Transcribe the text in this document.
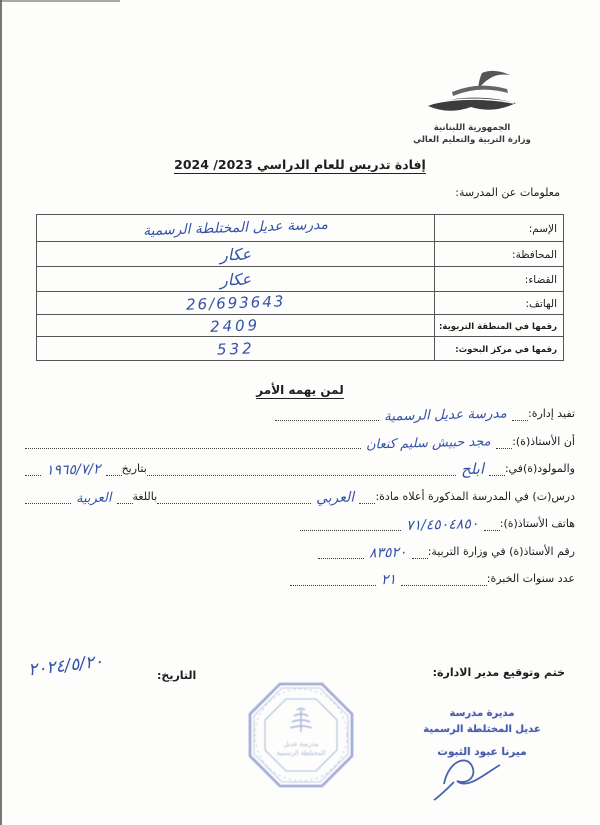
الجمهورية اللبنانية
وزارة التربية والتعليم العالي
إفادة تدريس للعام الدراسي 2023/ 2024
معلومات عن المدرسة:
الإسم:
مدرسة عديل المختلطة الرسمية
المحافظة:
عكار
القضاء:
عكار
الهاتف:
26/693643
رقمها في المنطقة التربوية:
2409
رقمها في مركز البحوث:
532
لمن يهمه الأمر
تفيد إدارة:
مدرسة عديل الرسمية
أن الأستاذ(ة):
مجد حبيش سليم كنعان
والمولود(ة)في:
ابلح
بتاريخ
١٩٦٥/٧/٢
درس(ت) في المدرسة المذكورة أعلاه مادة:
العربي
باللغة
العربية
هاتف الأستاذ(ة):
٧١/٤٥٠٤٨٥٠
رقم الأستاذ(ة) في وزارة التربية:
٨٣٥٢٠
عدد سنوات الخبرة:
٢١
التاريخ:
٢٠٢٤/٥/٢٠	ختم وتوقيع مدير الادارة:
مدرسة عديل
المختلطة الرسمية
مديرة مدرسة
عديل المختلطة الرسمية
ميرنا عبود الثبوت
